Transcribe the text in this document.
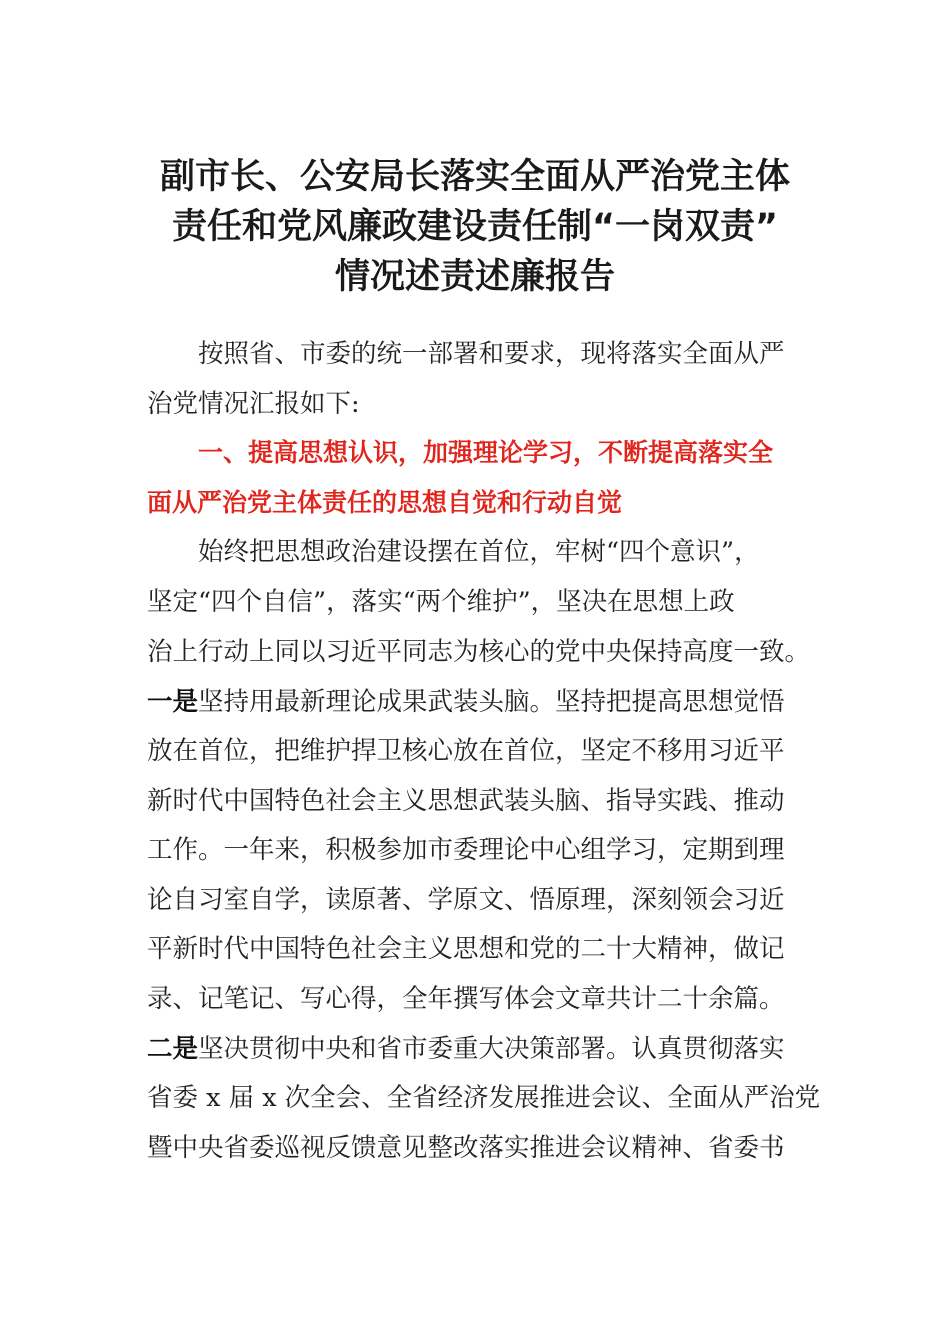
副市长、公安局长落实全面从严治党主体
责任和党风廉政建设责任制“一岗双责”
情况述责述廉报告
按照省、市委的统一部署和要求，现将落实全面从严
治党情况汇报如下:
一、提高思想认识，加强理论学习，不断提高落实全
面从严治党主体责任的思想自觉和行动自觉
始终把思想政治建设摆在首位，牢树“四个意识”，
坚定“四个自信”，落实“两个维护”，坚决在思想上政
治上行动上同以习近平同志为核心的党中央保持高度一致。
一是坚持用最新理论成果武装头脑。坚持把提高思想觉悟
放在首位，把维护捍卫核心放在首位，坚定不移用习近平
新时代中国特色社会主义思想武装头脑、指导实践、推动
工作。一年来，积极参加市委理论中心组学习，定期到理
论自习室自学，读原著、学原文、悟原理，深刻领会习近
平新时代中国特色社会主义思想和党的二十大精神，做记
录、记笔记、写心得，全年撰写体会文章共计二十余篇。
二是坚决贯彻中央和省市委重大决策部署。认真贯彻落实
省委 x 届 x 次全会、全省经济发展推进会议、全面从严治党
暨中央省委巡视反馈意见整改落实推进会议精神、省委书
